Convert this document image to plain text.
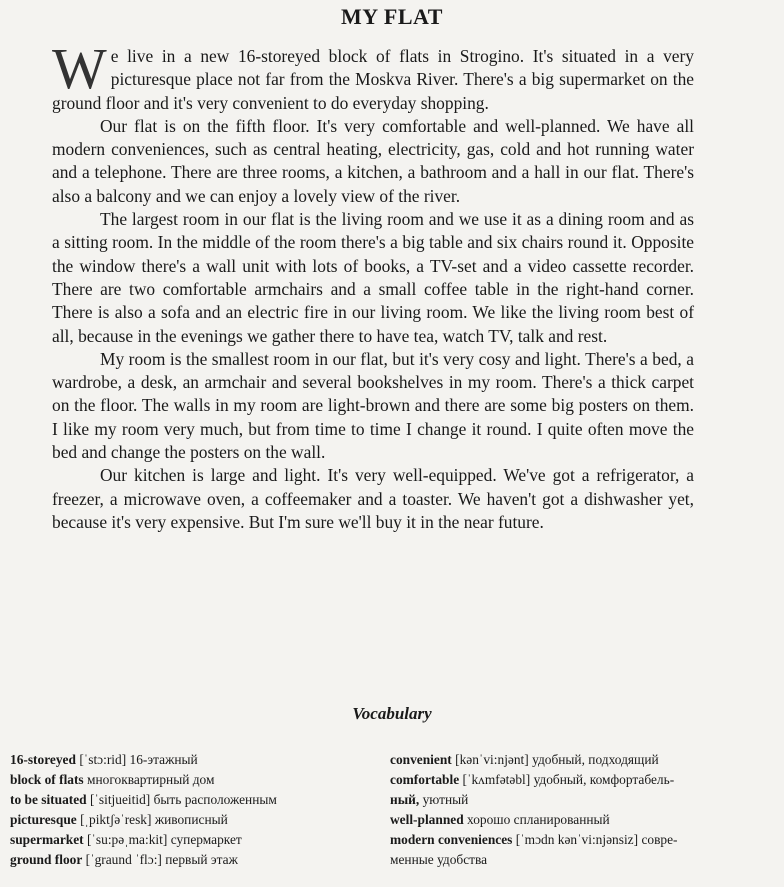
MY FLAT

We live in a new 16-storeyed block of flats in Strogino. It's situated in a very picturesque place not far from the Moskva River. There's a big supermarket on the ground floor and it's very convenient to do everyday shopping.

Our flat is on the fifth floor. It's very comfortable and well-planned. We have all modern conveniences, such as central heating, electricity, gas, cold and hot running water and a telephone. There are three rooms, a kitchen, a bathroom and a hall in our flat. There's also a balcony and we can enjoy a lovely view of the river.

The largest room in our flat is the living room and we use it as a dining room and as a sitting room. In the middle of the room there's a big table and six chairs round it. Opposite the window there's a wall unit with lots of books, a TV-set and a video cassette recorder. There are two comfortable armchairs and a small coffee table in the right-hand corner. There is also a sofa and an electric fire in our living room. We like the living room best of all, because in the evenings we gather there to have tea, watch TV, talk and rest.

My room is the smallest room in our flat, but it's very cosy and light. There's a bed, a wardrobe, a desk, an armchair and several bookshelves in my room. There's a thick carpet on the floor. The walls in my room are light-brown and there are some big posters on them. I like my room very much, but from time to time I change it round. I quite often move the bed and change the posters on the wall.

Our kitchen is large and light. It's very well-equipped. We've got a refrigerator, a freezer, a microwave oven, a coffeemaker and a toaster. We haven't got a dishwasher yet, because it's very expensive. But I'm sure we'll buy it in the near future.

Vocabulary
16-storeyed [ˈstɔ:rid] 16-этажный
block of flats многоквартирный дом
to be situated [ˈsitjueitid] быть расположенным
picturesque [ˌpiktʃəˈresk] живописный
supermarket [ˈsu:pəˌma:kit] супермаркет
ground floor [ˈgraund ˈflɔ:] первый этаж
convenient [kənˈvi:njənt] удобный, подходящий
comfortable [ˈkʌmfətəbl] удобный, комфортабель-
ный, уютный
well-planned хорошо спланированный
modern conveniences [ˈmɔdn kənˈvi:njənsiz] совре-
менные удобства
